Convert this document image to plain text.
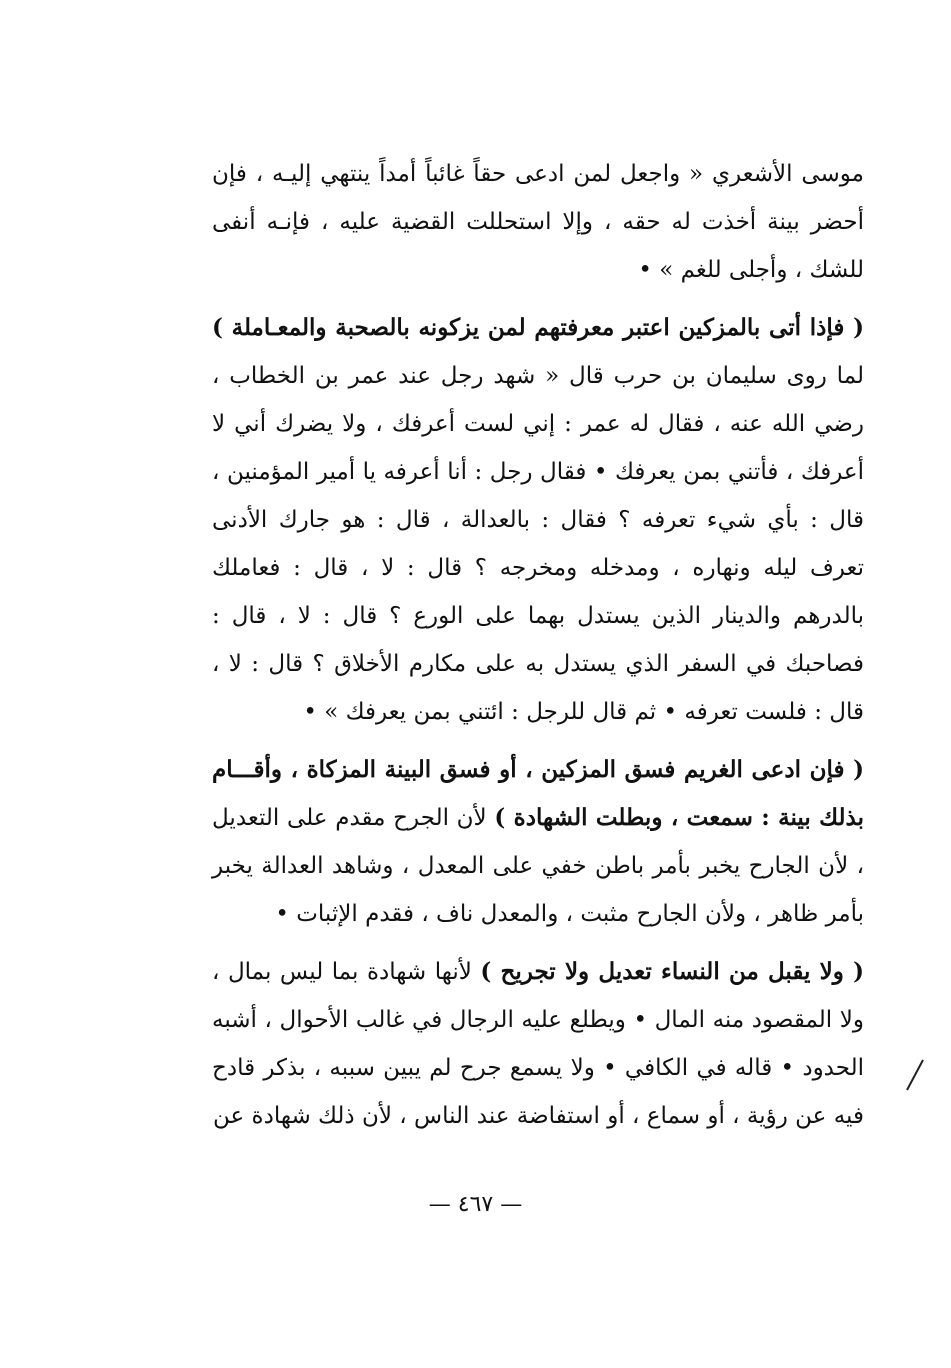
موسى الأشعري « واجعل لمن ادعى حقاً غائباً أمداً ينتهي إليـه ، فإن أحضر بينة أخذت له حقه ، وإلا استحللت القضية عليه ، فإنـه أنفى للشك ، وأجلى للغم » •

( فإذا أتى بالمزكين اعتبر معرفتهم لمن يزكونه بالصحبة والمعـاملة ) لما روى سليمان بن حرب قال « شهد رجل عند عمر بن الخطاب ، رضي الله عنه ، فقال له عمر : إني لست أعرفك ، ولا يضرك أني لا أعرفك ، فأتني بمن يعرفك • فقال رجل : أنا أعرفه يا أمير المؤمنين ، قال : بأي شيء تعرفه ؟ فقال : بالعدالة ، قال : هو جارك الأدنى تعرف ليله ونهاره ، ومدخله ومخرجه ؟ قال : لا ، قال : فعاملك بالدرهم والدينار الذين يستدل بهما على الورع ؟ قال : لا ، قال : فصاحبك في السفر الذي يستدل به على مكارم الأخلاق ؟ قال : لا ، قال : فلست تعرفه • ثم قال للرجل : ائتني بمن يعرفك » •

( فإن ادعى الغريم فسق المزكين ، أو فسق البينة المزكاة ، وأقـــام بذلك بينة : سمعت ، وبطلت الشهادة ) لأن الجرح مقدم على التعديل ، لأن الجارح يخبر بأمر باطن خفي على المعدل ، وشاهد العدالة يخبر بأمر ظاهر ، ولأن الجارح مثبت ، والمعدل ناف ، فقدم الإثبات •

( ولا يقبل من النساء تعديل ولا تجريح ) لأنها شهادة بما ليس بمال ، ولا المقصود منه المال • ويطلع عليه الرجال في غالب الأحوال ، أشبه الحدود • قاله في الكافي • ولا يسمع جرح لم يبين سببه ، بذكر قادح فيه عن رؤية ، أو سماع ، أو استفاضة عند الناس ، لأن ذلك شهادة عن

— ٤٦٧ —
